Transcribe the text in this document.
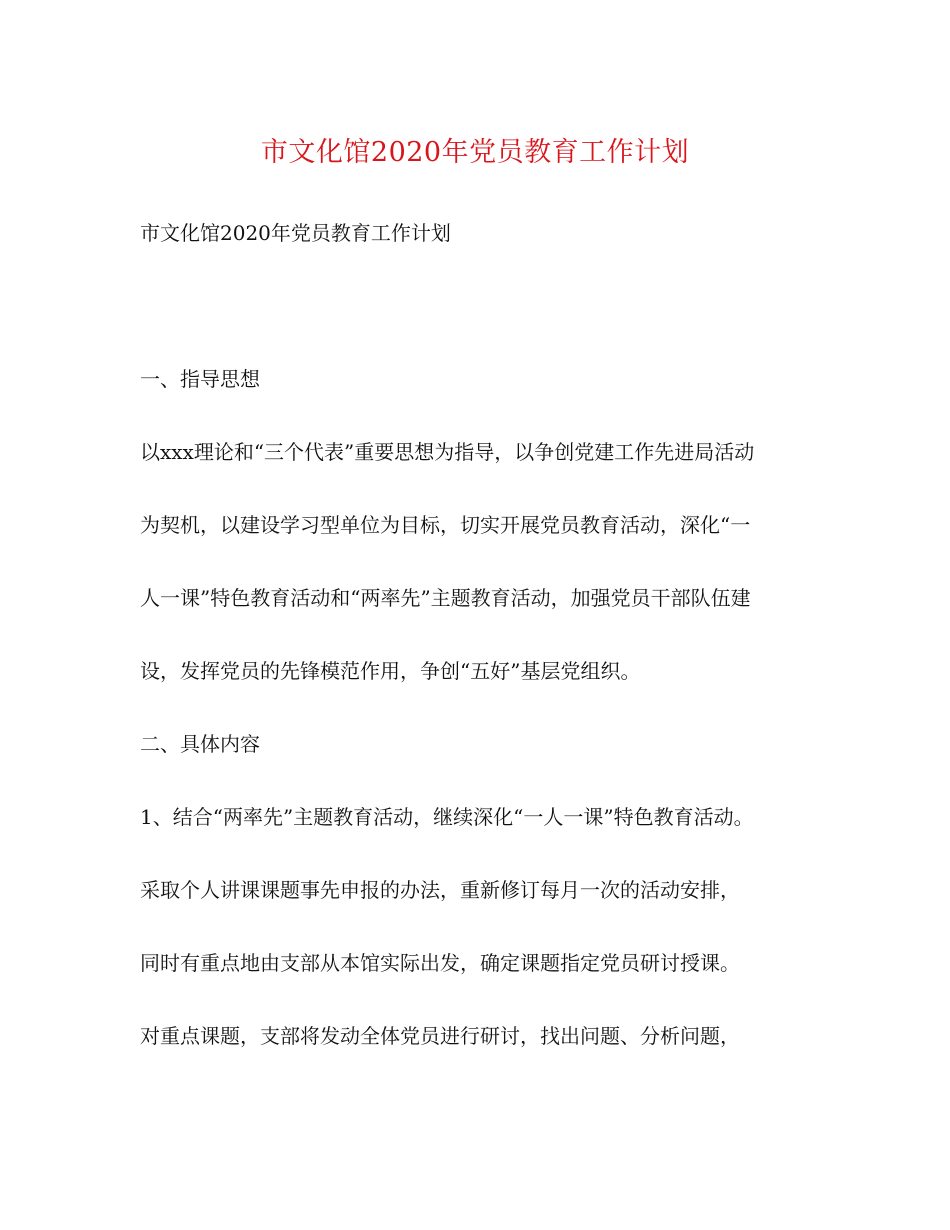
市文化馆2020年党员教育工作计划
市文化馆2020年党员教育工作计划
一、指导思想
以xxx理论和“三个代表”重要思想为指导，以争创党建工作先进局活动
为契机，以建设学习型单位为目标，切实开展党员教育活动，深化“一
人一课”特色教育活动和“两率先”主题教育活动，加强党员干部队伍建
设，发挥党员的先锋模范作用，争创“五好”基层党组织。
二、具体内容
1、结合“两率先”主题教育活动，继续深化“一人一课”特色教育活动。
采取个人讲课课题事先申报的办法，重新修订每月一次的活动安排，
同时有重点地由支部从本馆实际出发，确定课题指定党员研讨授课。
对重点课题，支部将发动全体党员进行研讨，找出问题、分析问题，
